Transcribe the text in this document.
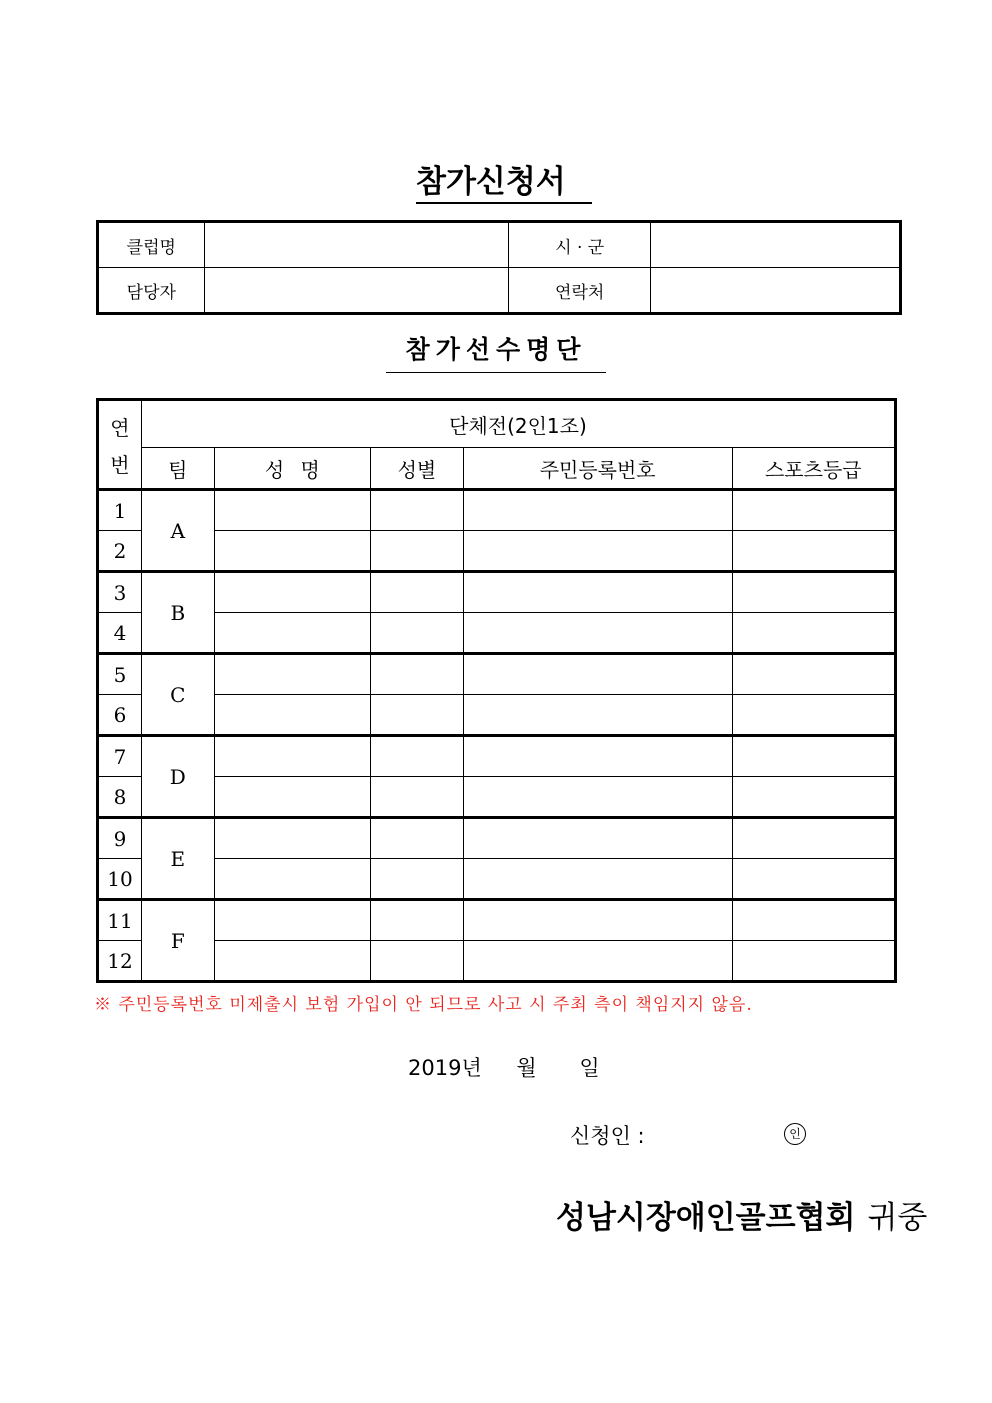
참가신청서
클럽명		시 · 군	
담당자		연락처	
참가선수명단
연
번	단체전(2인1조)				
	팀	성 명	성별	주민등록번호	스포츠등급
1	A				
2					
3	B				
4					
5	C				
6					
7	D				
8					
9	E				
10					
11	F				
12					
※ 주민등록번호 미제출시 보험 가입이 안 되므로 사고 시 주최 측이 책임지지 않음.
2019년 월 일
신청인 :	인
성남시장애인골프협회 귀중
